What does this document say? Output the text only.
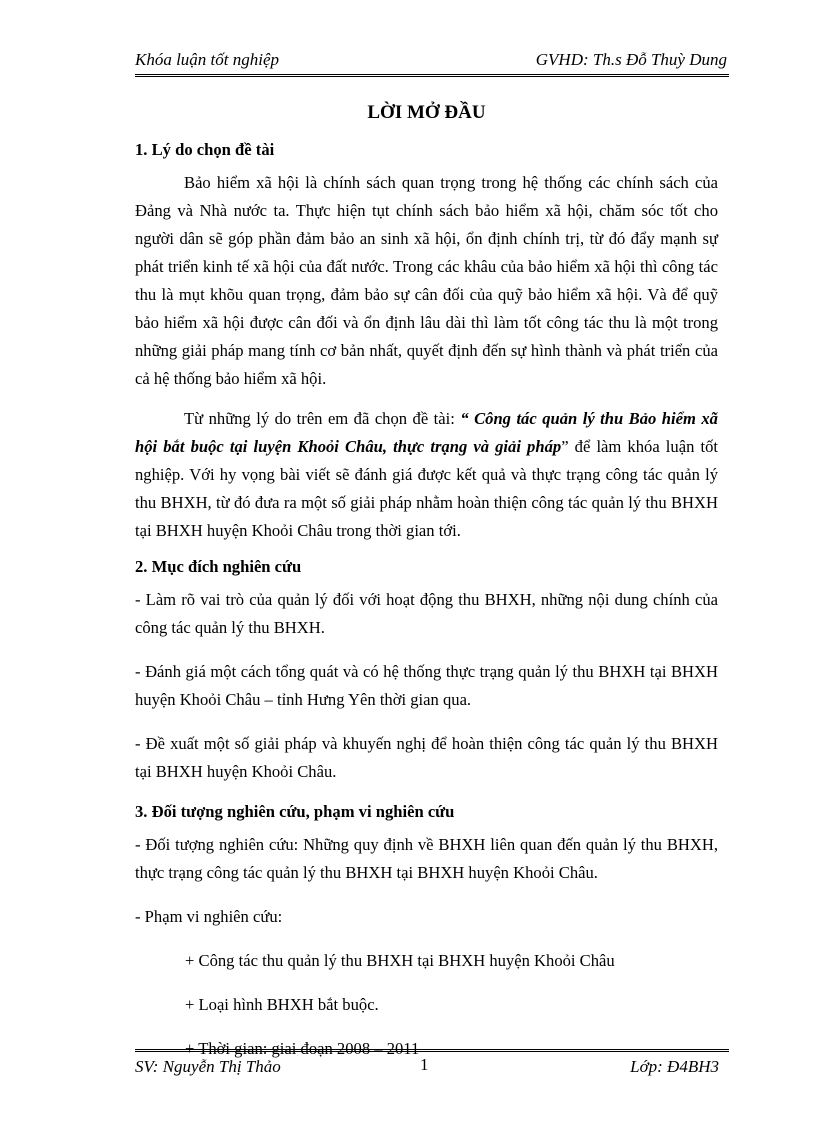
Khóa luận tốt nghiệp	GVHD: Th.s Đỗ Thuỳ Dung
LỜI MỞ ĐẦU
1. Lý do chọn đề tài

Bảo hiểm xã hội là chính sách quan trọng trong hệ thống các chính sách của Đảng và Nhà nước ta. Thực hiện tụt chính sách bảo hiểm xã hội, chăm sóc tốt cho người dân sẽ góp phần đảm bảo an sinh xã hội, ổn định chính trị, từ đó đẩy mạnh sự phát triển kinh tế xã hội của đất nước. Trong các khâu của bảo hiểm xã hội thì công tác thu là mụt khõu quan trọng, đảm bảo sự cân đối của quỹ bảo hiểm xã hội. Và để quỹ bảo hiểm xã hội được cân đối và ổn định lâu dài thì làm tốt công tác thu là một trong những giải pháp mang tính cơ bản nhất, quyết định đến sự hình thành và phát triển của cả hệ thống bảo hiểm xã hội.

Từ những lý do trên em đã chọn đề tài: “ Công tác quản lý thu Bảo hiểm xã hội bắt buộc tại luyện Khoỏi Châu, thực trạng và giải pháp” để làm khóa luận tốt nghiệp. Với hy vọng bài viết sẽ đánh giá được kết quả và thực trạng công tác quản lý thu BHXH, từ đó đưa ra một số giải pháp nhằm hoàn thiện công tác quản lý thu BHXH tại BHXH huyện Khoỏi Châu trong thời gian tới.

2. Mục đích nghiên cứu

- Làm rõ vai trò của quản lý đối với hoạt động thu BHXH, những nội dung chính của công tác quản lý thu BHXH.

- Đánh giá một cách tổng quát và có hệ thống thực trạng quản lý thu BHXH tại BHXH huyện Khoỏi Châu – tỉnh Hưng Yên thời gian qua.

- Đề xuất một số giải pháp và khuyến nghị để hoàn thiện công tác quản lý thu BHXH tại BHXH huyện Khoỏi Châu.

3. Đối tượng nghiên cứu, phạm vi nghiên cứu

- Đối tượng nghiên cứu: Những quy định về BHXH liên quan đến quản lý thu BHXH, thực trạng công tác quản lý thu BHXH tại BHXH huyện Khoỏi Châu.

- Phạm vi nghiên cứu:

+ Công tác thu quản lý thu BHXH tại BHXH huyện Khoỏi Châu

+ Loại hình BHXH bắt buộc.

+ Thời gian: giai đoạn 2008 – 2011

SV: Nguyễn Thị Thảo	1	Lớp: Đ4BH3
